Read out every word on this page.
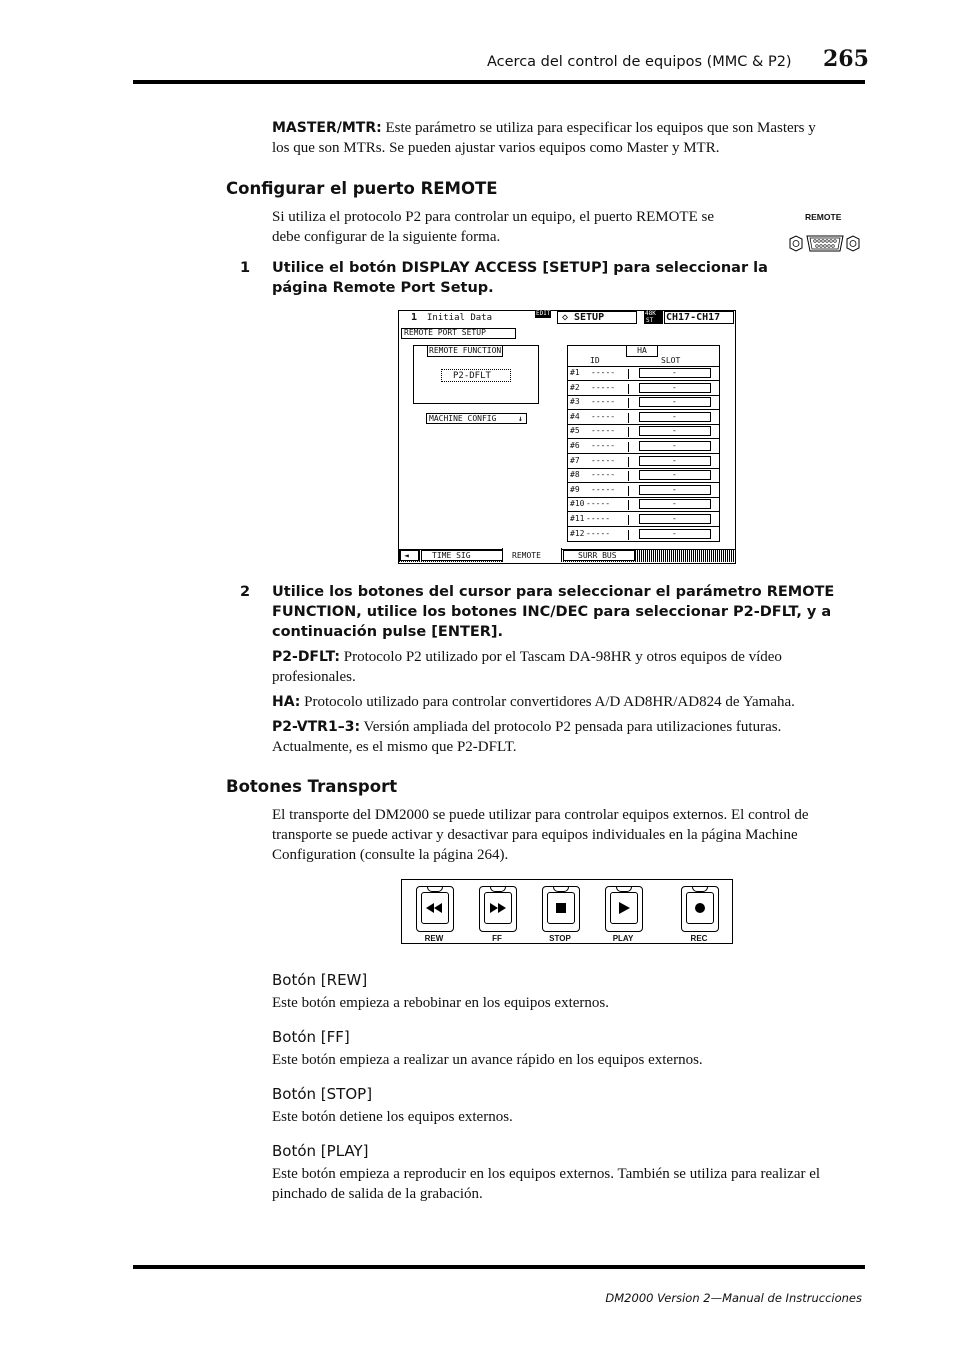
Acerca del control de equipos (MMC & P2) 265
MASTER/MTR: Este parámetro se utiliza para especificar los equipos que son Masters y
los que son MTRs. Se pueden ajustar varios equipos como Master y MTR.
Configurar el puerto REMOTE
Si utiliza el protocolo P2 para controlar un equipo, el puerto REMOTE se
debe configurar de la siguiente forma.
REMOTE
1 Utilice el botón DISPLAY ACCESS [SETUP] para seleccionar la
página Remote Port Setup.
1 Initial Data	EDIT ◇ SETUP	48K
ST CH17-CH17
REMOTE PORT SETUP
REMOTE FUNCTION
P2-DFLT
MACHINE CONFIG	↓
HA
ID	SLOT
#1 -----	-
#2 -----	-
#3 -----	-
#4 -----	-
#5 -----	-
#6 -----	-
#7 -----	-
#8 -----	-
#9 -----	-
#10 -----	-
#11 -----	-
#12 -----	-
◄	TIME SIG	REMOTE	SURR BUS
2 Utilice los botones del cursor para seleccionar el parámetro REMOTE
FUNCTION, utilice los botones INC/DEC para seleccionar P2-DFLT, y a
continuación pulse [ENTER].
P2-DFLT: Protocolo P2 utilizado por el Tascam DA-98HR y otros equipos de vídeo
profesionales.
HA: Protocolo utilizado para controlar convertidores A/D AD8HR/AD824 de Yamaha.
P2-VTR1–3: Versión ampliada del protocolo P2 pensada para utilizaciones futuras.
Actualmente, es el mismo que P2-DFLT.
Botones Transport
El transporte del DM2000 se puede utilizar para controlar equipos externos. El control de
transporte se puede activar y desactivar para equipos individuales en la página Machine
Configuration (consulte la página 264).
REW	FF	STOP	PLAY	REC
Botón [REW]
Este botón empieza a rebobinar en los equipos externos.
Botón [FF]
Este botón empieza a realizar un avance rápido en los equipos externos.
Botón [STOP]
Este botón detiene los equipos externos.
Botón [PLAY]
Este botón empieza a reproducir en los equipos externos. También se utiliza para realizar el
pinchado de salida de la grabación.
DM2000 Version 2—Manual de Instrucciones
